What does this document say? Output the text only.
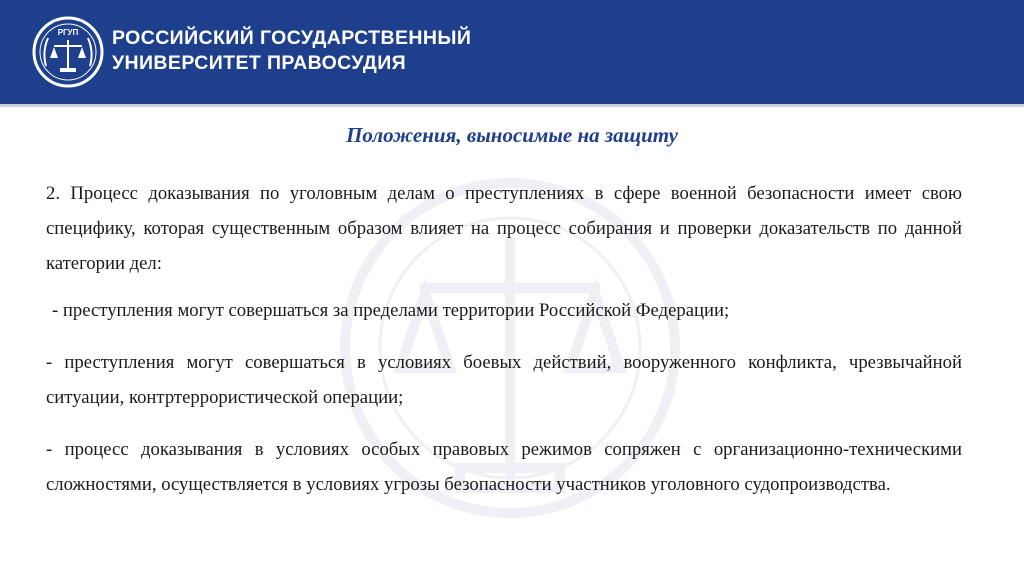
РГУП РОССИЙСКИЙ ГОСУДАРСТВЕННЫЙ
УНИВЕРСИТЕТ ПРАВОСУДИЯ
Положения, выносимые на защиту

2. Процесс доказывания по уголовным делам о преступлениях в сфере военной безопасности имеет свою специфику, которая существенным образом влияет на процесс собирания и проверки доказательств по данной категории дел:

- преступления могут совершаться за пределами территории Российской Федерации;

- преступления могут совершаться в условиях боевых действий, вооруженного конфликта, чрезвычайной ситуации, контртеррористической операции;

- процесс доказывания в условиях особых правовых режимов сопряжен с организационно-техническими сложностями, осуществляется в условиях угрозы безопасности участников уголовного судопроизводства.
